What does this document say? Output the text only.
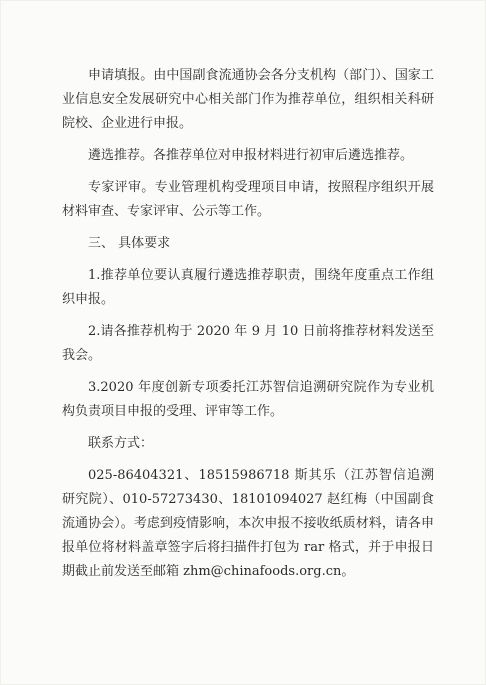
申请填报。由中国副食流通协会各分支机构（部门）、国家工业信息安全发展研究中心相关部门作为推荐单位，组织相关科研院校、企业进行申报。

遴选推荐。各推荐单位对申报材料进行初审后遴选推荐。

专家评审。专业管理机构受理项目申请，按照程序组织开展材料审查、专家评审、公示等工作。

三、 具体要求

1.推荐单位要认真履行遴选推荐职责，围绕年度重点工作组织申报。

2.请各推荐机构于 2020 年 9 月 10 日前将推荐材料发送至我会。

3.2020 年度创新专项委托江苏智信追溯研究院作为专业机构负责项目申报的受理、评审等工作。

联系方式：

025-86404321、18515986718 斯其乐（江苏智信追溯研究院）、010-57273430、18101094027 赵红梅（中国副食流通协会）。考虑到疫情影响，本次申报不接收纸质材料，请各申报单位将材料盖章签字后将扫描件打包为 rar 格式，并于申报日期截止前发送至邮箱 zhm@chinafoods.org.cn。
